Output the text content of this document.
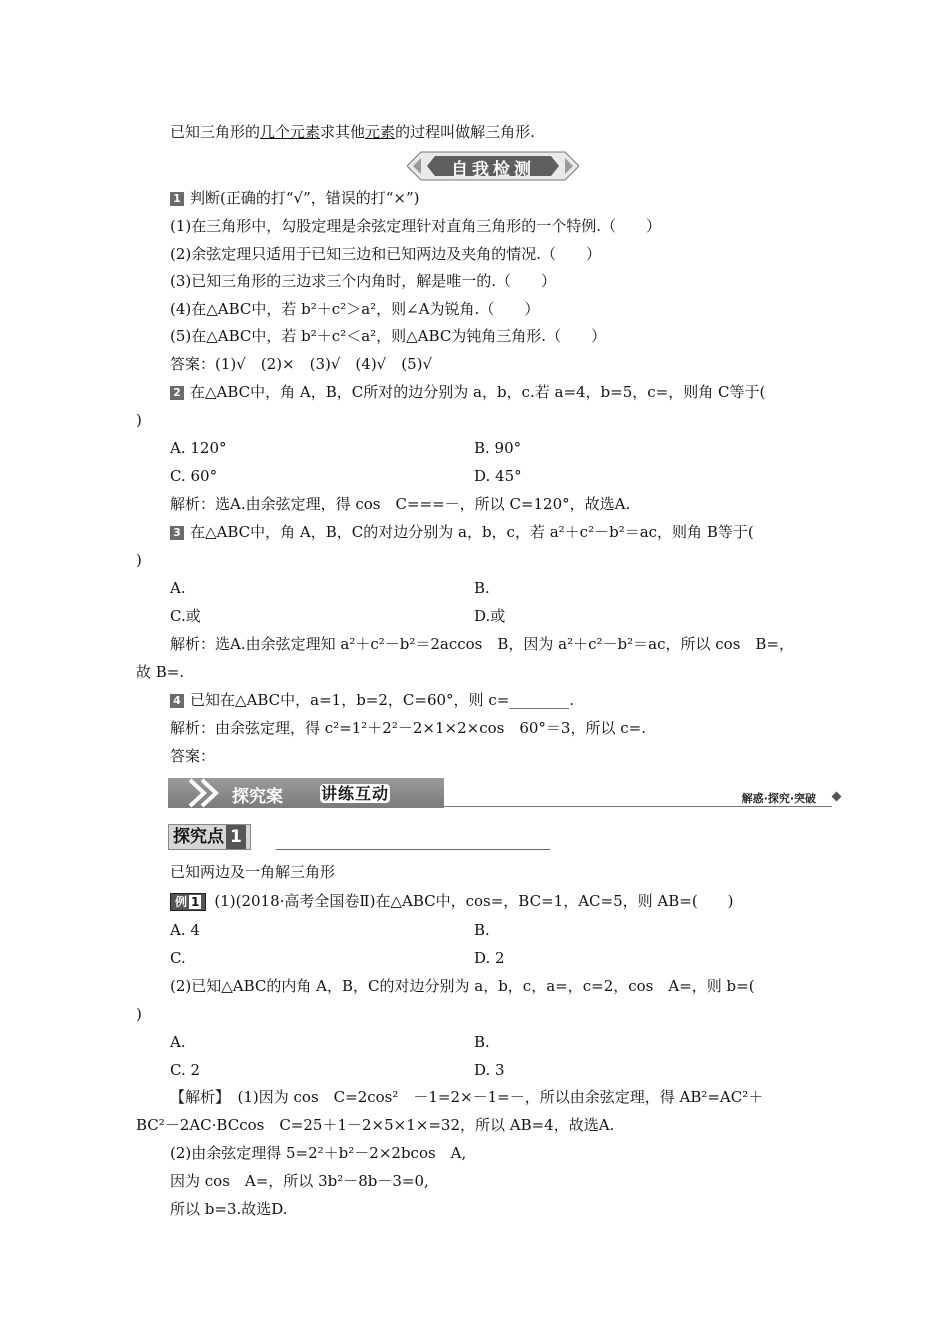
已知三角形的几个元素求其他元素的过程叫做解三角形.
自我检测
1 判断(正确的打“√”，错误的打“×”)
(1)在三角形中，勾股定理是余弦定理针对直角三角形的一个特例.（　　）
(2)余弦定理只适用于已知三边和已知两边及夹角的情况.（　　）
(3)已知三角形的三边求三个内角时，解是唯一的.（　　）
(4)在△ABC中，若 b²＋c²＞a²，则∠A为锐角.（　　）
(5)在△ABC中，若 b²＋c²＜a²，则△ABC为钝角三角形.（　　）
答案：(1)√　(2)×　(3)√　(4)√　(5)√
2 在△ABC中，角 A，B，C所对的边分别为 a，b，c.若 a=4，b=5，c=，则角 C等于(
)
A. 120°	B. 90°
C. 60°	D. 45°
解析：选A.由余弦定理，得 cos　C===－，所以 C=120°，故选A.
3 在△ABC中，角 A，B，C的对边分别为 a，b，c，若 a²＋c²－b²＝ac，则角 B等于(
)
A.	B.
C.或	D.或
解析：选A.由余弦定理知 a²＋c²－b²＝2accos　B，因为 a²＋c²－b²＝ac，所以 cos　B=，
故 B=.
4 已知在△ABC中，a=1，b=2，C=60°，则 c=________.
解析：由余弦定理，得 c²=1²＋2²－2×1×2×cos　60°＝3，所以 c=.
答案：
探究案 讲练互动	解惑·探究·突破
探究点 1
已知两边及一角解三角形
例 1 (1)(2018·高考全国卷Ⅱ)在△ABC中，cos=，BC=1，AC=5，则 AB=(　　)
A. 4	B.
C.	D. 2
(2)已知△ABC的内角 A，B，C的对边分别为 a，b，c，a=，c=2，cos　A=，则 b=(
)
A.	B.
C. 2	D. 3
【解析】　(1)因为 cos　C=2cos²　－1=2×－1=－，所以由余弦定理，得 AB²=AC²＋
BC²－2AC·BCcos　C=25＋1－2×5×1×=32，所以 AB=4，故选A.
(2)由余弦定理得 5=2²＋b²－2×2bcos　A,
因为 cos　A=，所以 3b²－8b－3=0,
所以 b=3.故选D.
